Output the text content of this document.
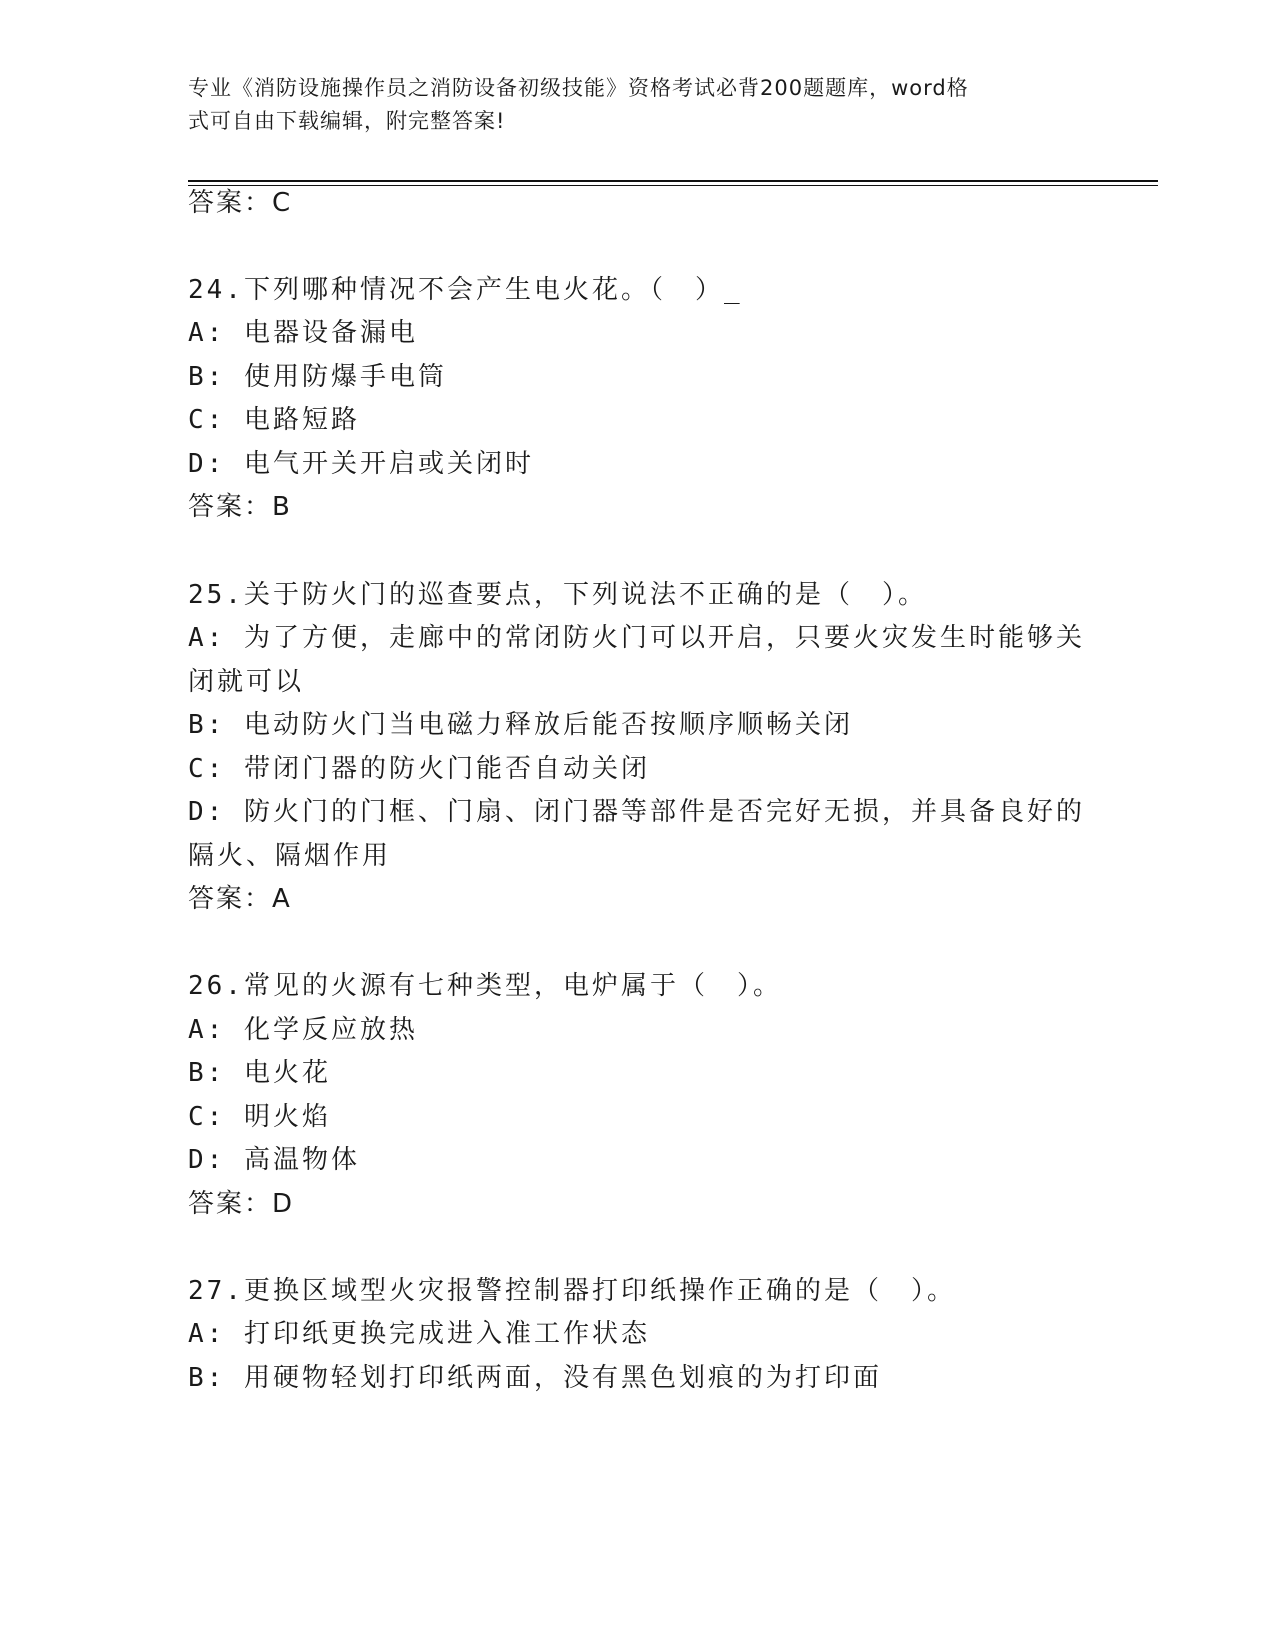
专业《消防设施操作员之消防设备初级技能》资格考试必背200题题库，word格
式可自由下载编辑，附完整答案!
答案：C
24.下列哪种情况不会产生电火花。（　）_
A: 电器设备漏电
B: 使用防爆手电筒
C: 电路短路
D: 电气开关开启或关闭时
答案：B
25.关于防火门的巡查要点，下列说法不正确的是（　）。
A: 为了方便，走廊中的常闭防火门可以开启，只要火灾发生时能够关
闭就可以
B: 电动防火门当电磁力释放后能否按顺序顺畅关闭
C: 带闭门器的防火门能否自动关闭
D: 防火门的门框、门扇、闭门器等部件是否完好无损，并具备良好的
隔火、隔烟作用
答案：A
26.常见的火源有七种类型，电炉属于（　）。
A: 化学反应放热
B: 电火花
C: 明火焰
D: 高温物体
答案：D
27.更换区域型火灾报警控制器打印纸操作正确的是（　）。
A: 打印纸更换完成进入准工作状态
B: 用硬物轻划打印纸两面，没有黑色划痕的为打印面
